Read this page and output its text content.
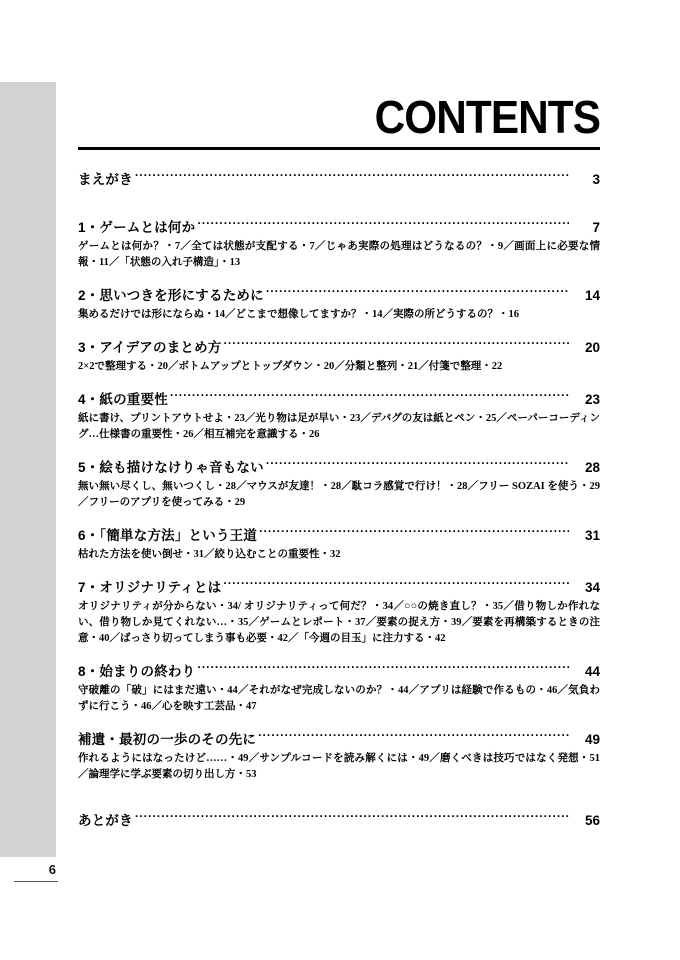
CONTENTS
まえがき ·····	3
1・ゲームとは何か ·····	7
ゲームとは何か？・7／全ては状態が支配する・7／じゃあ実際の処理はどうなるの？・9／画面上に必要な情報・11／「状態の入れ子構造」・13
2・思いつきを形にするために ·····	14
集めるだけでは形にならぬ・14／どこまで想像してますか？・14／実際の所どうするの？・16
3・アイデアのまとめ方 ·····	20
2×2で整理する・20／ボトムアップとトップダウン・20／分類と整列・21／付箋で整理・22
4・紙の重要性 ·····	23
紙に書け、プリントアウトせよ・23／光り物は足が早い・23／デバグの友は紙とペン・25／ペーパーコーディング…仕様書の重要性・26／相互補完を意識する・26
5・絵も描けなけりゃ音もない ·····	28
無い無い尽くし、無いつくし・28／マウスが友達！・28／駄コラ感覚で行け！・28／フリー SOZAI を使う・29／フリーのアプリを使ってみる・29
6・「簡単な方法」という王道 ·····	31
枯れた方法を使い倒せ・31／絞り込むことの重要性・32
7・オリジナリティとは ·····	34
オリジナリティが分からない・34/ オリジナリティって何だ？・34／○○の焼き直し？・35／借り物しか作れない、借り物しか見てくれない…・35／ゲームとレポート・37／要素の捉え方・39／要素を再構築するときの注意・40／ばっさり切ってしまう事も必要・42／「今週の目玉」に注力する・42
8・始まりの終わり ·····	44
守破離の「破」にはまだ遠い・44／それがなぜ完成しないのか？・44／アプリは経験で作るもの・46／気負わずに行こう・46／心を映す工芸品・47
補遺・最初の一歩のその先に ·····	49
作れるようにはなったけど……・49／サンプルコードを読み解くには・49／磨くべきは技巧ではなく発想・51／論理学に学ぶ要素の切り出し方・53
あとがき ·····	56
6
